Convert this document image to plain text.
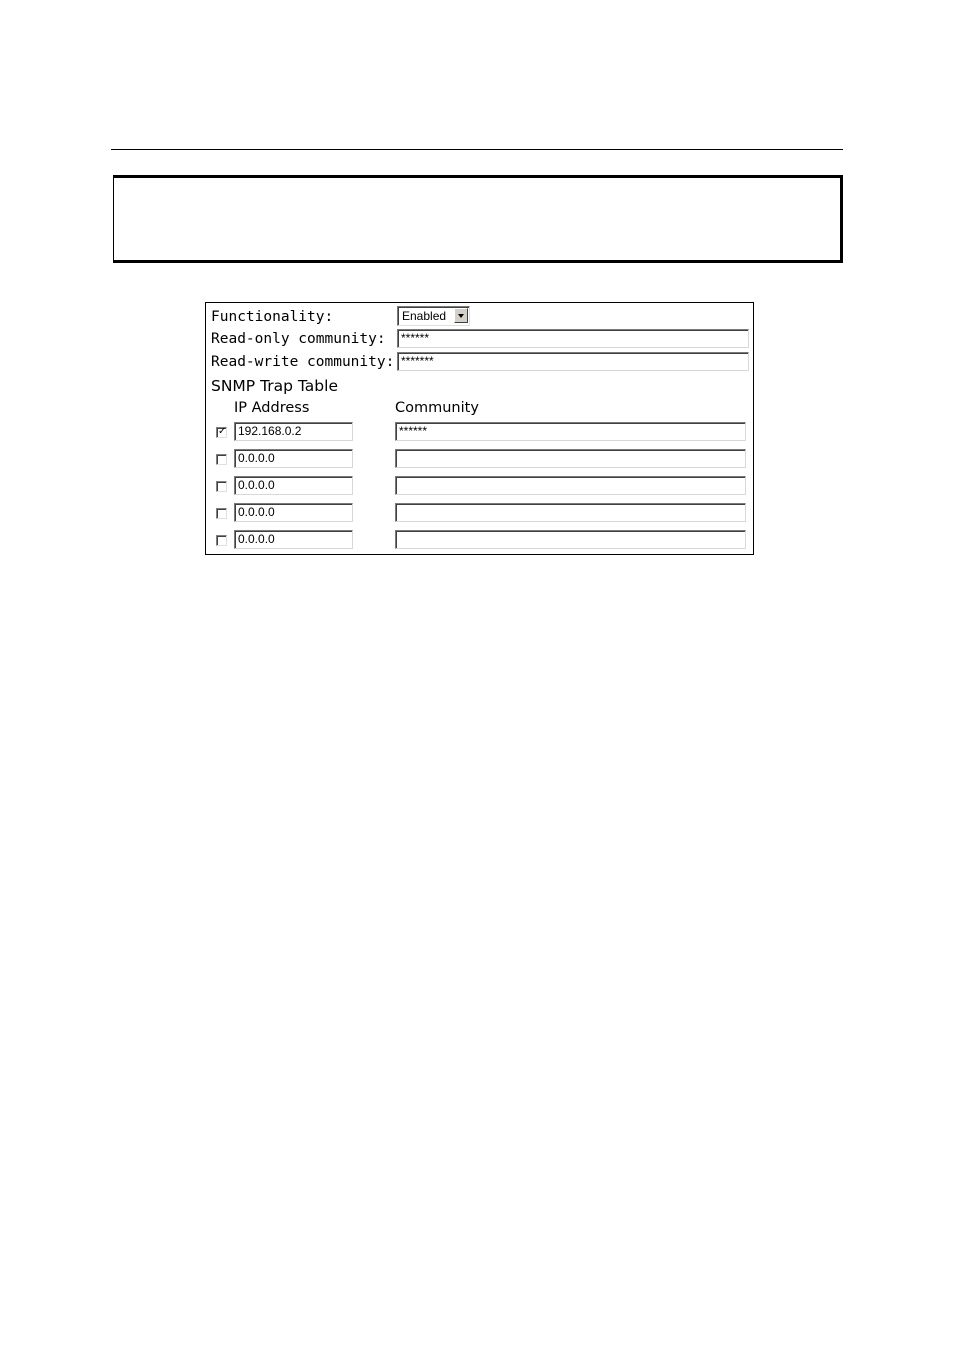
Functionality:	Enabled
Read-only community:	******
Read-write community: *******
SNMP Trap Table
IP Address	Community
✓ 192.168.0.2	******
0.0.0.0
0.0.0.0
0.0.0.0
0.0.0.0
